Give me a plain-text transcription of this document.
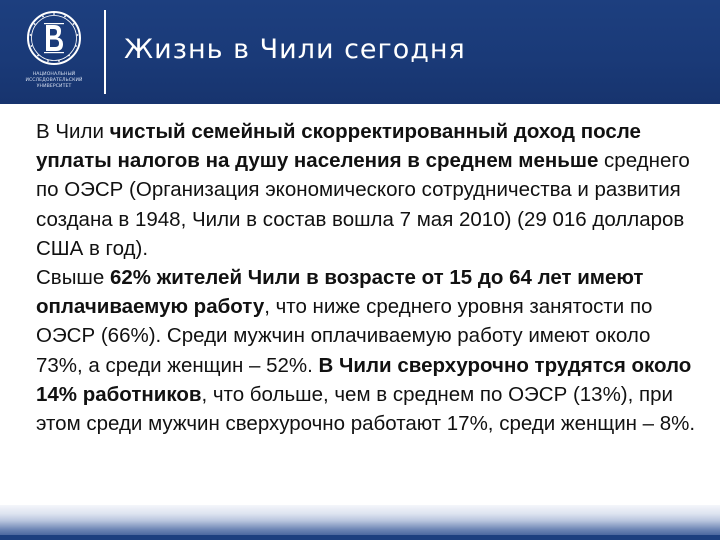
НАЦИОНАЛЬНЫЙ ИССЛЕДОВАТЕЛЬСКИЙ УНИВЕРСИТЕТ
Жизнь в Чили сегодня

В Чили чистый семейный скорректированный доход после уплаты налогов на душу населения в среднем меньше среднего по ОЭСР (Организация экономического сотрудничества и развития создана в 1948, Чили в состав вошла 7 мая 2010) (29 016 долларов США в год).

Свыше 62% жителей Чили в возрасте от 15 до 64 лет имеют оплачиваемую работу, что ниже среднего уровня занятости по ОЭСР (66%). Среди мужчин оплачиваемую работу имеют около 73%, а среди женщин – 52%. В Чили сверхурочно трудятся около 14% работников, что больше, чем в среднем по ОЭСР (13%), при этом среди мужчин сверхурочно работают 17%, среди женщин – 8%.
